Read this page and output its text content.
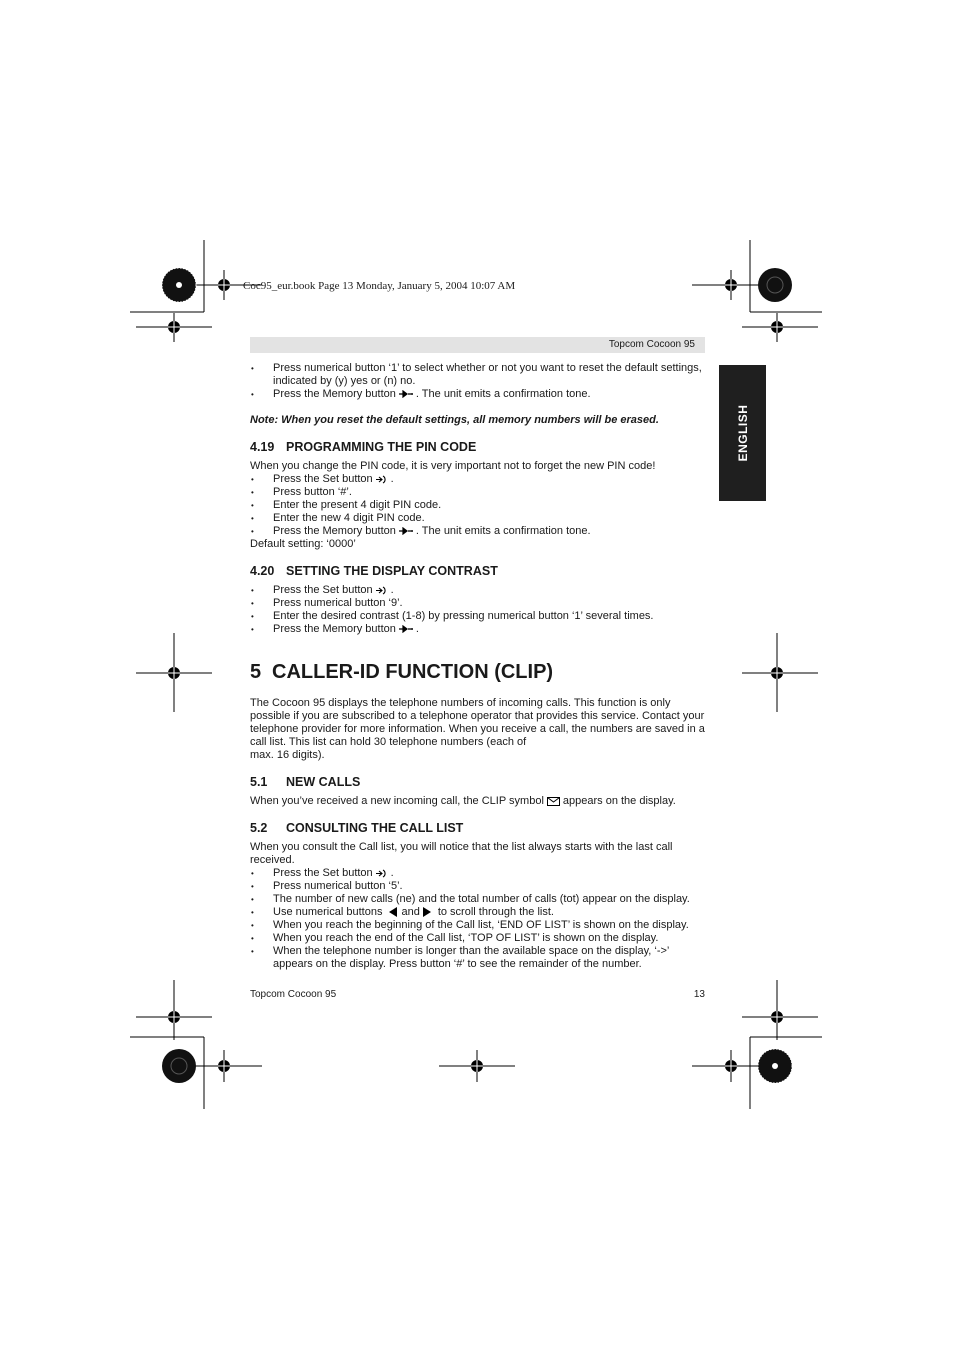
Coc95_eur.book Page 13 Monday, January 5, 2004 10:07 AM
Topcom Cocoon 95
ENGLISH
• Press numerical button ‘1’ to select whether or not you want to reset the default settings, indicated by (y) yes or (n) no.
• Press the Memory button . The unit emits a confirmation tone.

Note: When you reset the default settings, all memory numbers will be erased.

4.19 PROGRAMMING THE PIN CODE

When you change the PIN code, it is very important not to forget the new PIN code!

• Press the Set button .
• Press button ‘#’.
• Enter the present 4 digit PIN code.
• Enter the new 4 digit PIN code.
• Press the Memory button . The unit emits a confirmation tone.

Default setting: ‘0000’

4.20 SETTING THE DISPLAY CONTRAST
• Press the Set button .
• Press numerical button ‘9’.
• Enter the desired contrast (1-8) by pressing numerical button ‘1’ several times.
• Press the Memory button .
5 CALLER-ID FUNCTION (CLIP)

The Cocoon 95 displays the telephone numbers of incoming calls. This function is only possible if you are subscribed to a telephone operator that provides this service. Contact your telephone provider for more information. When you receive a call, the numbers are saved in a call list. This list can hold 30 telephone numbers (each of

max. 16 digits).

5.1 NEW CALLS

When you’ve received a new incoming call, the CLIP symbol appears on the display.

5.2 CONSULTING THE CALL LIST

When you consult the Call list, you will notice that the list always starts with the last call received.

• Press the Set button .
• Press numerical button ‘5’.
• The number of new calls (ne) and the total number of calls (tot) appear on the display.
• Use numerical buttons and to scroll through the list.
• When you reach the beginning of the Call list, ‘END OF LIST’ is shown on the display.
• When you reach the end of the Call list, ‘TOP OF LIST’ is shown on the display.
• When the telephone number is longer than the available space on the display, ‘->’ appears on the display. Press button ‘#’ to see the remainder of the number.
Topcom Cocoon 95	13
